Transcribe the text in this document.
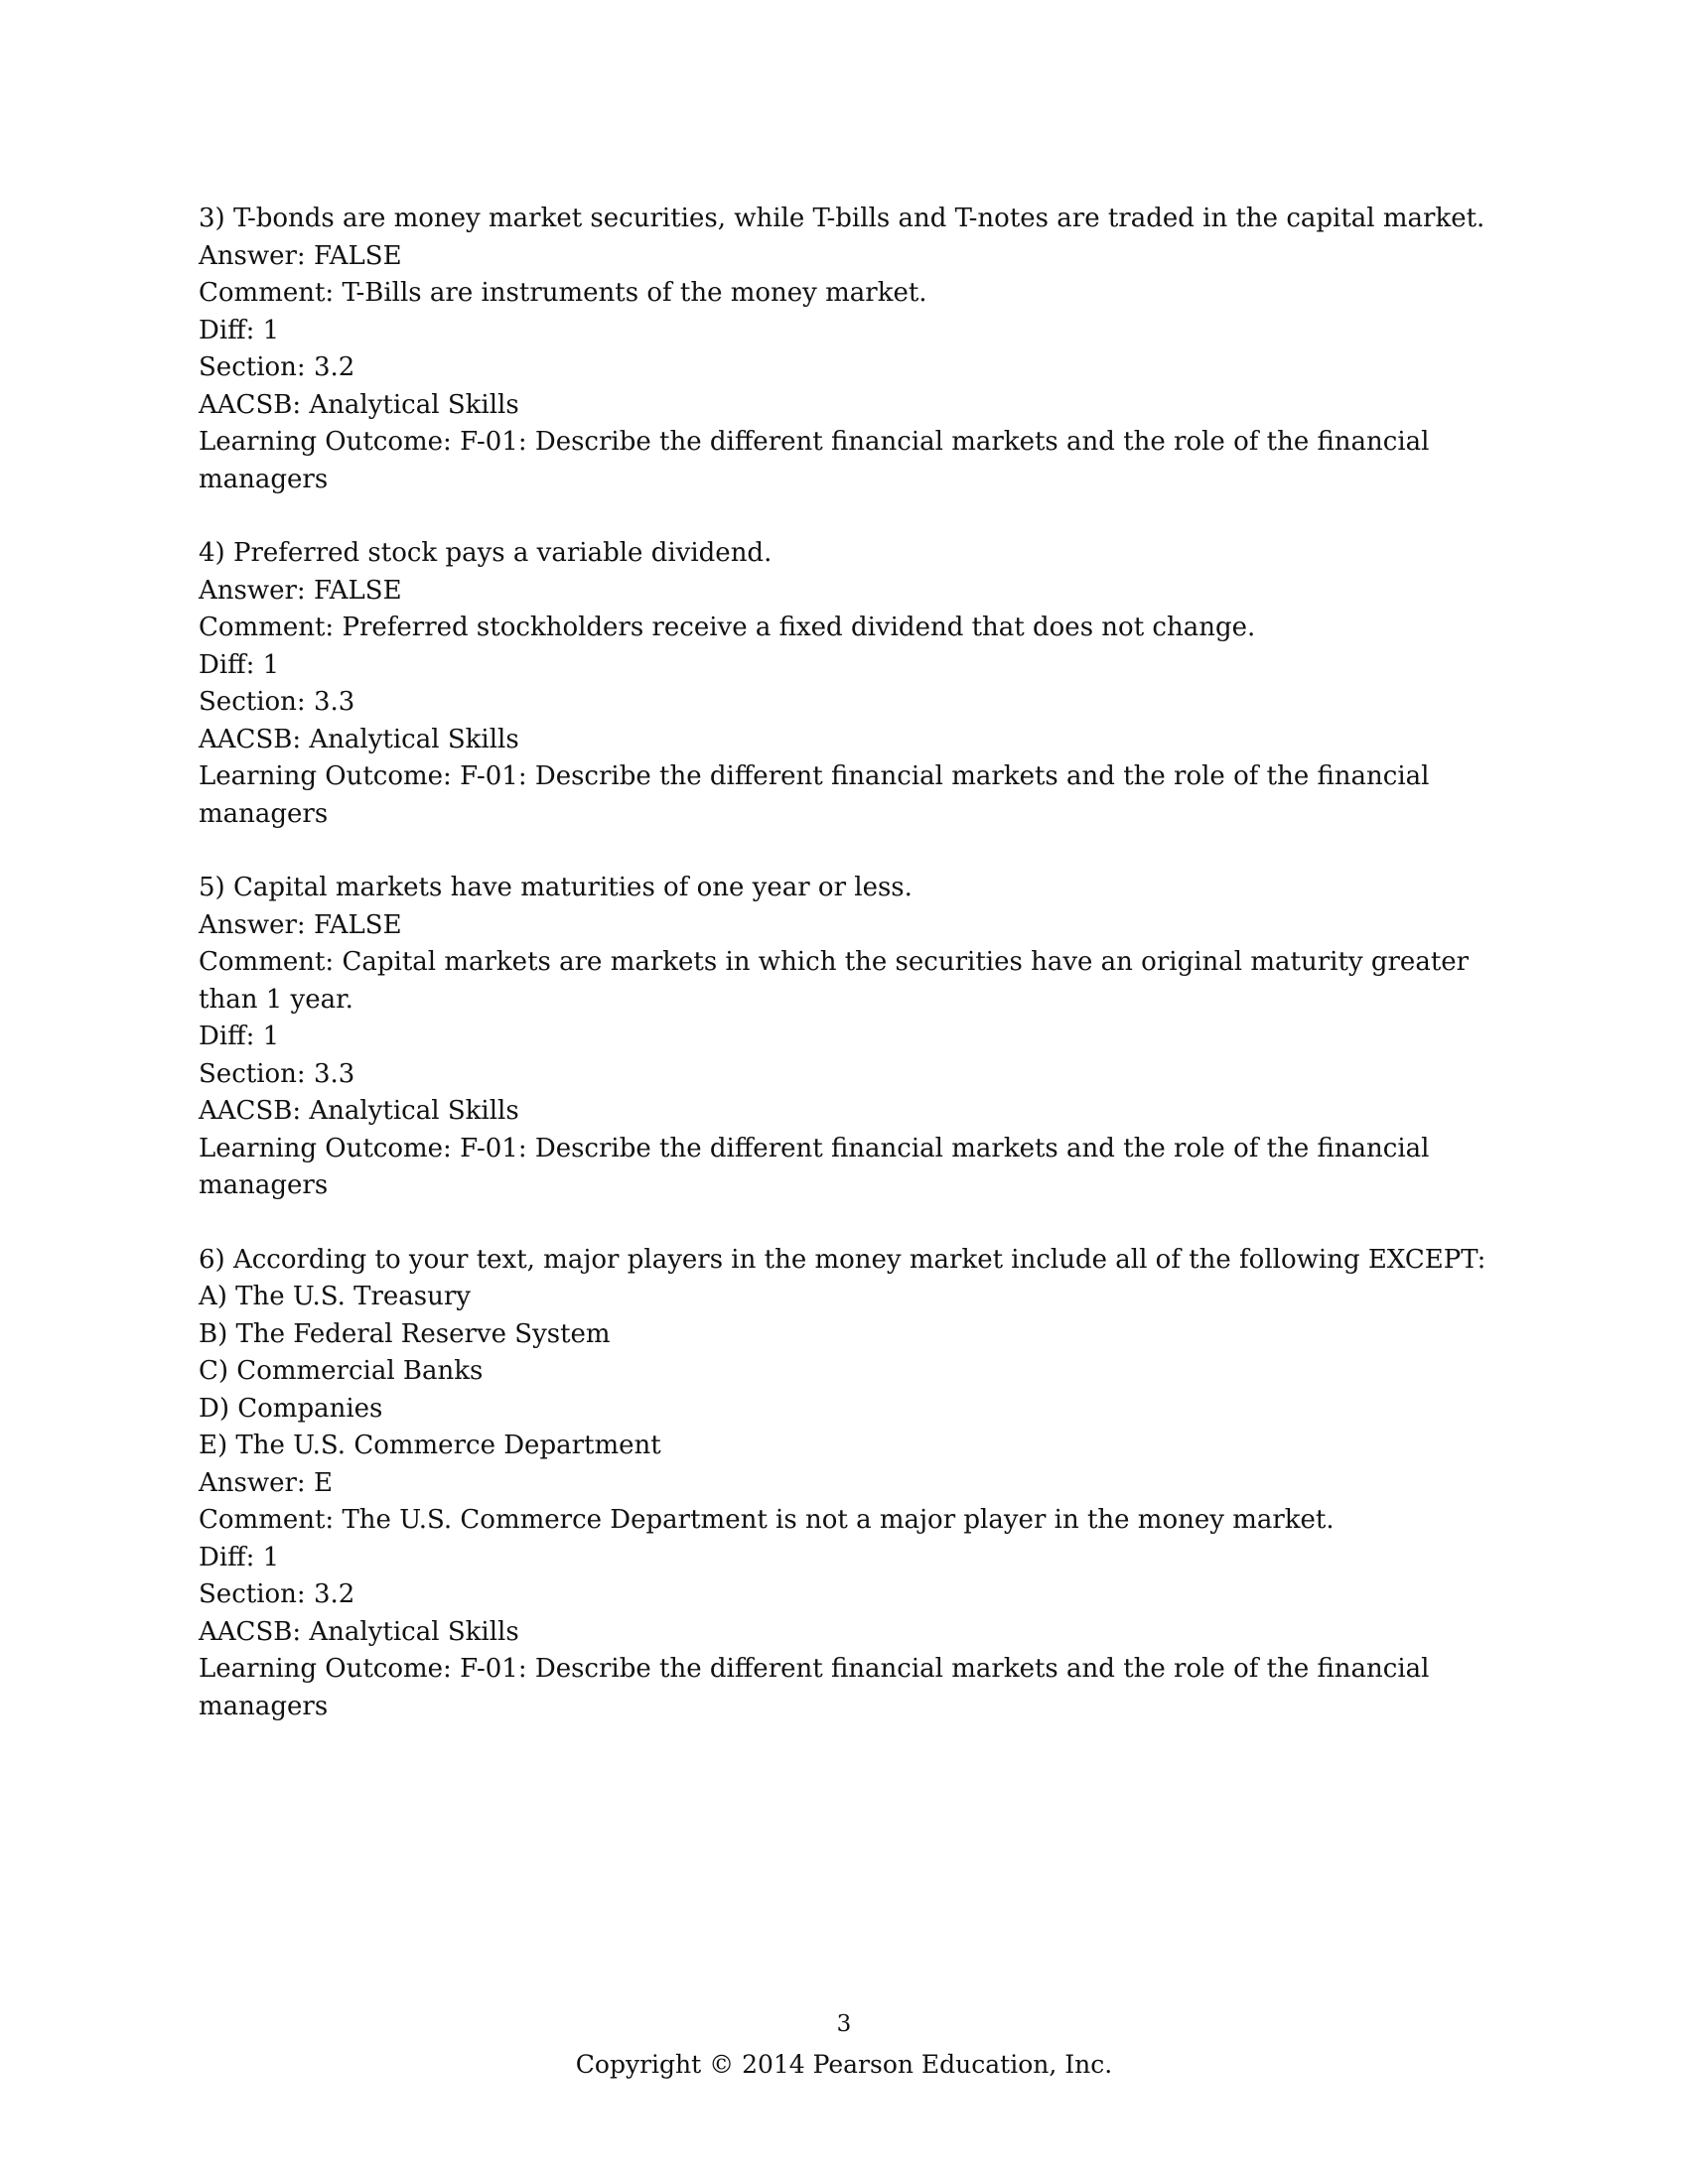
3) T-bonds are money market securities, while T-bills and T-notes are traded in the capital market.
Answer: FALSE
Comment: T-Bills are instruments of the money market.
Diff: 1
Section: 3.2
AACSB: Analytical Skills
Learning Outcome: F-01: Describe the different financial markets and the role of the financial managers
4) Preferred stock pays a variable dividend.
Answer: FALSE
Comment: Preferred stockholders receive a fixed dividend that does not change.
Diff: 1
Section: 3.3
AACSB: Analytical Skills
Learning Outcome: F-01: Describe the different financial markets and the role of the financial managers
5) Capital markets have maturities of one year or less.
Answer: FALSE
Comment: Capital markets are markets in which the securities have an original maturity greater than 1 year.
Diff: 1
Section: 3.3
AACSB: Analytical Skills
Learning Outcome: F-01: Describe the different financial markets and the role of the financial managers
6) According to your text, major players in the money market include all of the following EXCEPT:
A) The U.S. Treasury
B) The Federal Reserve System
C) Commercial Banks
D) Companies
E) The U.S. Commerce Department
Answer: E
Comment: The U.S. Commerce Department is not a major player in the money market.
Diff: 1
Section: 3.2
AACSB: Analytical Skills
Learning Outcome: F-01: Describe the different financial markets and the role of the financial managers
3
Copyright © 2014 Pearson Education, Inc.
